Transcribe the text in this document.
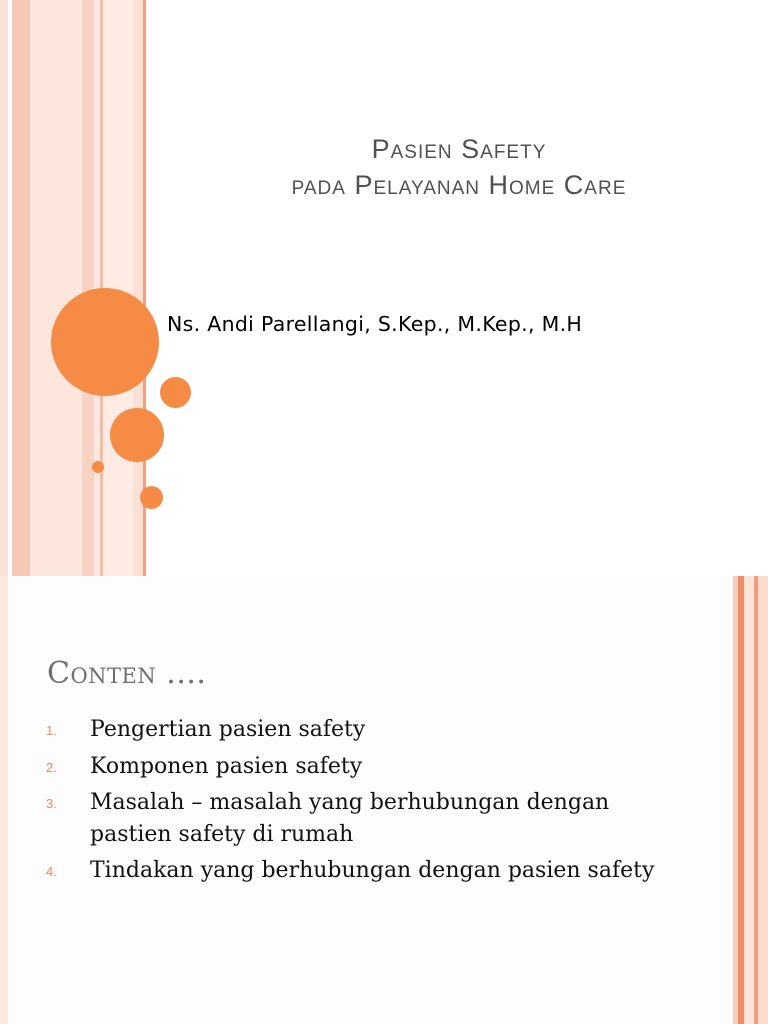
Pasien Safety
pada Pelayanan Home Care
Ns. Andi Parellangi, S.Kep., M.Kep., M.H
Conten ....
1. Pengertian pasien safety
2. Komponen pasien safety
3. Masalah – masalah yang berhubungan dengan pastien safety di rumah
4. Tindakan yang berhubungan dengan pasien safety
